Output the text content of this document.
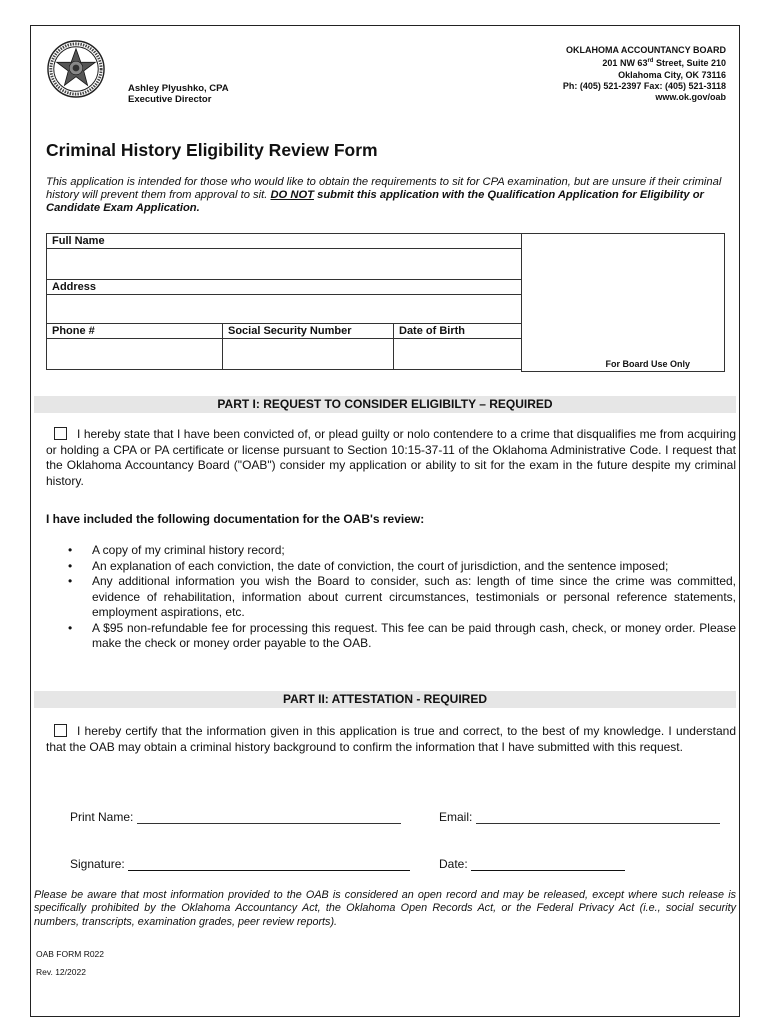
Ashley Plyushko, CPA
Executive Director
OKLAHOMA ACCOUNTANCY BOARD
201 NW 63rd Street, Suite 210
Oklahoma City, OK 73116
Ph: (405) 521-2397 Fax: (405) 521-3118
www.ok.gov/oab
Criminal History Eligibility Review Form
This application is intended for those who would like to obtain the requirements to sit for CPA examination, but are unsure if their criminal history will prevent them from approval to sit. DO NOT submit this application with the Qualification Application for Eligibility or Candidate Exam Application.
Full Name		

Address		

Phone #	Social Security Number	Date of Birth

For Board Use Only
PART I: REQUEST TO CONSIDER ELIGIBILTY – REQUIRED
I hereby state that I have been convicted of, or plead guilty or nolo contendere to a crime that disqualifies me from acquiring or holding a CPA or PA certificate or license pursuant to Section 10:15-37-11 of the Oklahoma Administrative Code. I request that the Oklahoma Accountancy Board ("OAB") consider my application or ability to sit for the exam in the future despite my criminal history.
I have included the following documentation for the OAB's review:
• A copy of my criminal history record;
• An explanation of each conviction, the date of conviction, the court of jurisdiction, and the sentence imposed;
• Any additional information you wish the Board to consider, such as: length of time since the crime was committed, evidence of rehabilitation, information about current circumstances, testimonials or personal reference statements, employment aspirations, etc.
• A $95 non-refundable fee for processing this request. This fee can be paid through cash, check, or money order. Please make the check or money order payable to the OAB.
PART II: ATTESTATION - REQUIRED
I hereby certify that the information given in this application is true and correct, to the best of my knowledge. I understand that the OAB may obtain a criminal history background to confirm the information that I have submitted with this request.
Print Name:	Email:
Signature:	Date:
Please be aware that most information provided to the OAB is considered an open record and may be released, except where such release is specifically prohibited by the Oklahoma Accountancy Act, the Oklahoma Open Records Act, or the Federal Privacy Act (i.e., social security numbers, transcripts, examination grades, peer review reports).
OAB FORM R022
Rev. 12/2022
